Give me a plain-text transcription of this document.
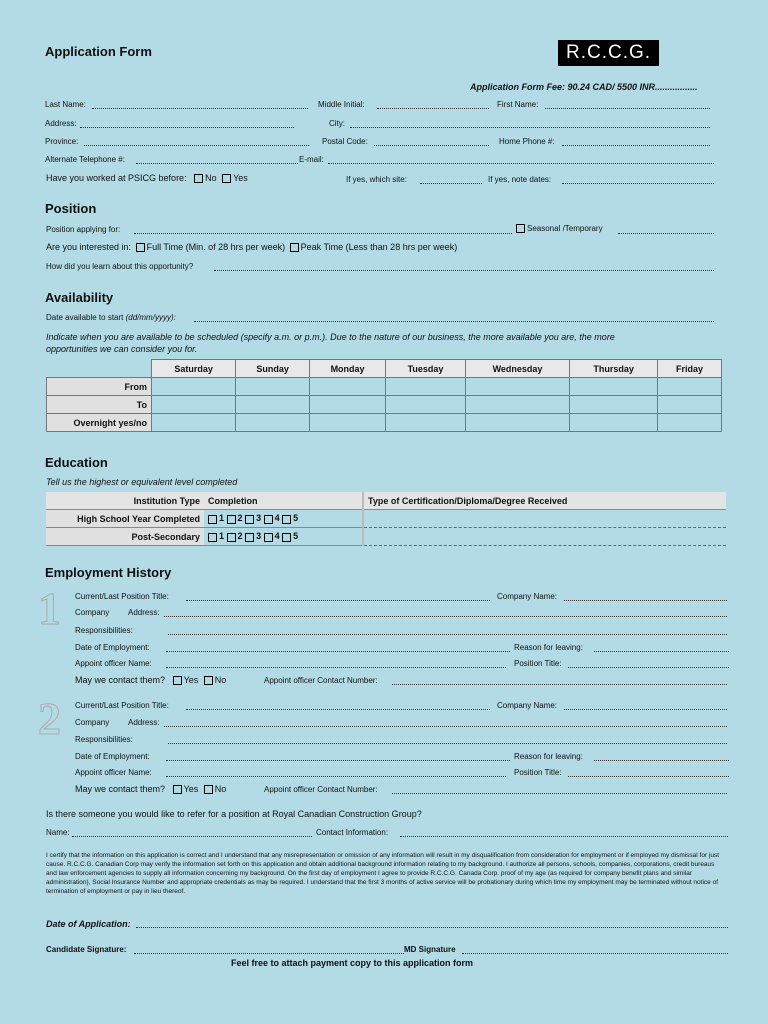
Application Form	R.C.C.G.
Application Form Fee: 90.24 CAD/ 5500 INR.................
Last Name:	Middle Initial:	First Name:
Address:	City:
Province:	Postal Code:	Home Phone #:
Alternate Telephone #:	E-mail:
Have you worked at PSICG before: No Yes	If yes, which site:	If yes, note dates:
Position
Position applying for:	Seasonal /Temporary
Are you interested in: Full Time (Min. of 28 hrs per week) Peak Time (Less than 28 hrs per week)
How did you learn about this opportunity?
Availability
Date available to start (dd/mm/yyyy):
Indicate when you are available to be scheduled (specify a.m. or p.m.). Due to the nature of our business, the more available you are, the more
opportunities we can consider you for.
	Saturday	Sunday	Monday	Tuesday	Wednesday	Thursday	Friday
From							
To							
Overnight yes/no							
Education
Tell us the highest or equivalent level completed
Institution Type	Completion	Type of Certification/Diploma/Degree Received
High School Year Completed	1 2 3 4 5	
Post-Secondary	1 2 3 4 5	
Employment History
1 Current/Last Position Title:	Company Name:
Company Address:
Responsibilities:
Date of Employment:	Reason for leaving:
Appoint officer Name:	Position Title:
May we contact them? Yes No	Appoint officer Contact Number:
2 Current/Last Position Title:	Company Name:
Company Address:
Responsibilities:
Date of Employment:	Reason for leaving:
Appoint officer Name:	Position Title:
May we contact them? Yes No	Appoint officer Contact Number:
Is there someone you would like to refer for a position at Royal Canadian Construction Group?
Name:	Contact Information:
I certify that the information on this application is correct and I understand that any misrepresentation or omission of any information will result in my disqualification from consideration for employment or if employed my dismissal for just cause. R.C.C.G. Canadian Corp may verify the information set forth on this application and obtain additional background information relating to my background. I authorize all persons, schools, companies, corporations, credit bureaus and law enforcement agencies to supply all information concerning my background. On the first day of employment I agree to provide R.C.C.G. Canada Corp. proof of my age (as required for company benefit plans and similar administration), Social Insurance Number and appropriate credentials as may be required. I understand that the first 3 months of active service will be probationary during which time my employment may be terminated without notice of termination of employment or pay in lieu thereof.
Date of Application:
Candidate Signature:	MD Signature
Feel free to attach payment copy to this application form
